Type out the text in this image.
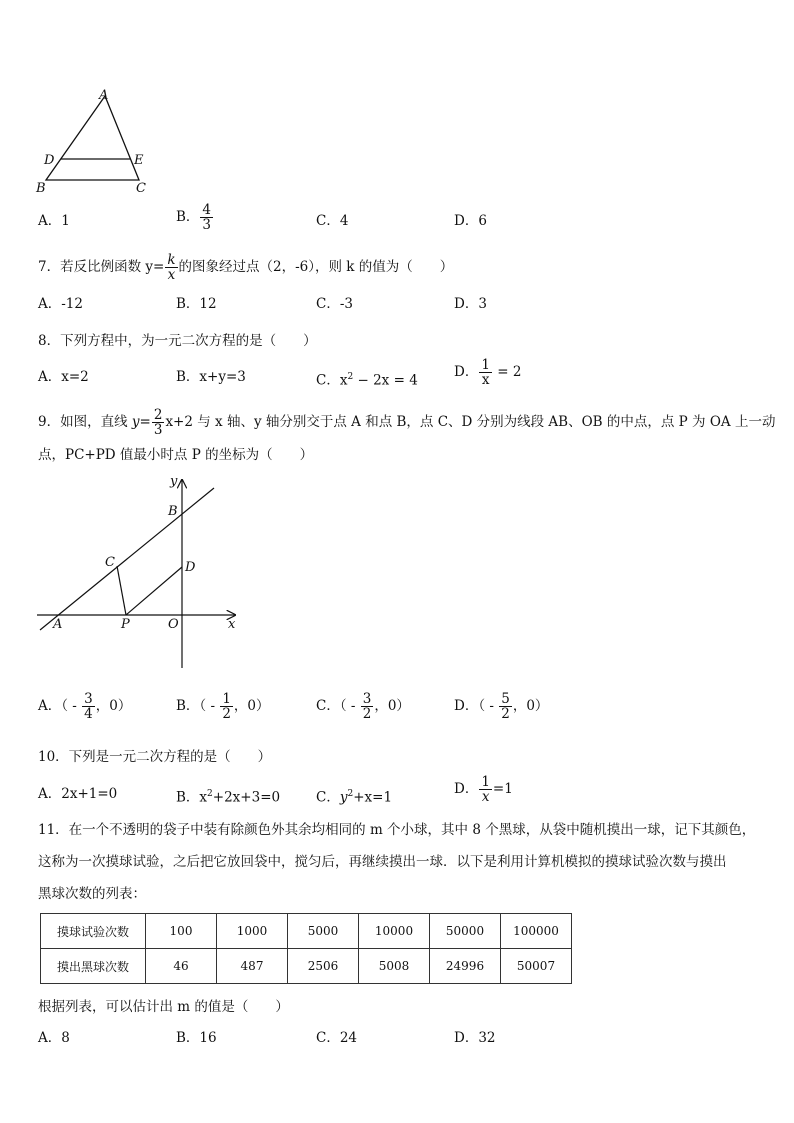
A
D	E
B	C
A．1	B． $\frac{4}{3}$	C．4	D．6
7．若反比例函数 $y= \frac{k}{x}$ 的图象经过点（2，-6），则 k 的值为（　　）
A．-12	B．12	C．-3	D．3
8．下列方程中，为一元二次方程的是（　　）
A．x=2	B．x+y=3	C．$x^2 - 2x = 4$
D． $\frac{1}{x} = 2$
9．如图，直线 $y= \frac{2}{3} x+2$ 与 x 轴、y 轴分别交于点 A 和点 B，点 C、D 分别为线段 AB、OB 的中点，点 P 为 OA 上一动
点，PC+PD 值最小时点 P 的坐标为（　　）
y
B
C	D
A	P	O	x
A．（ - $\frac{3}{4}$ ，0）	B．（ - $\frac{1}{2}$ ，0）	C．（ - $\frac{3}{2}$ ，0）	D．（ - $\frac{5}{2}$ ，0）
10．下列是一元二次方程的是（　　）
A．2x+1=0	B．$x^2+2x+3=0$	C．$y^2+x=1$
D． $\frac{1}{x} =1$
11．在一个不透明的袋子中装有除颜色外其余均相同的 m 个小球，其中 8 个黑球，从袋中随机摸出一球，记下其颜色，
这称为一次摸球试验，之后把它放回袋中，搅匀后，再继续摸出一球．以下是利用计算机模拟的摸球试验次数与摸出
黑球次数的列表：
摸球试验次数	100	1000	5000	10000	50000	100000
摸出黑球次数	46	487	2506	5008	24996	50007
根据列表，可以估计出 m 的值是（　　）
A．8	B．16	C．24	D．32
